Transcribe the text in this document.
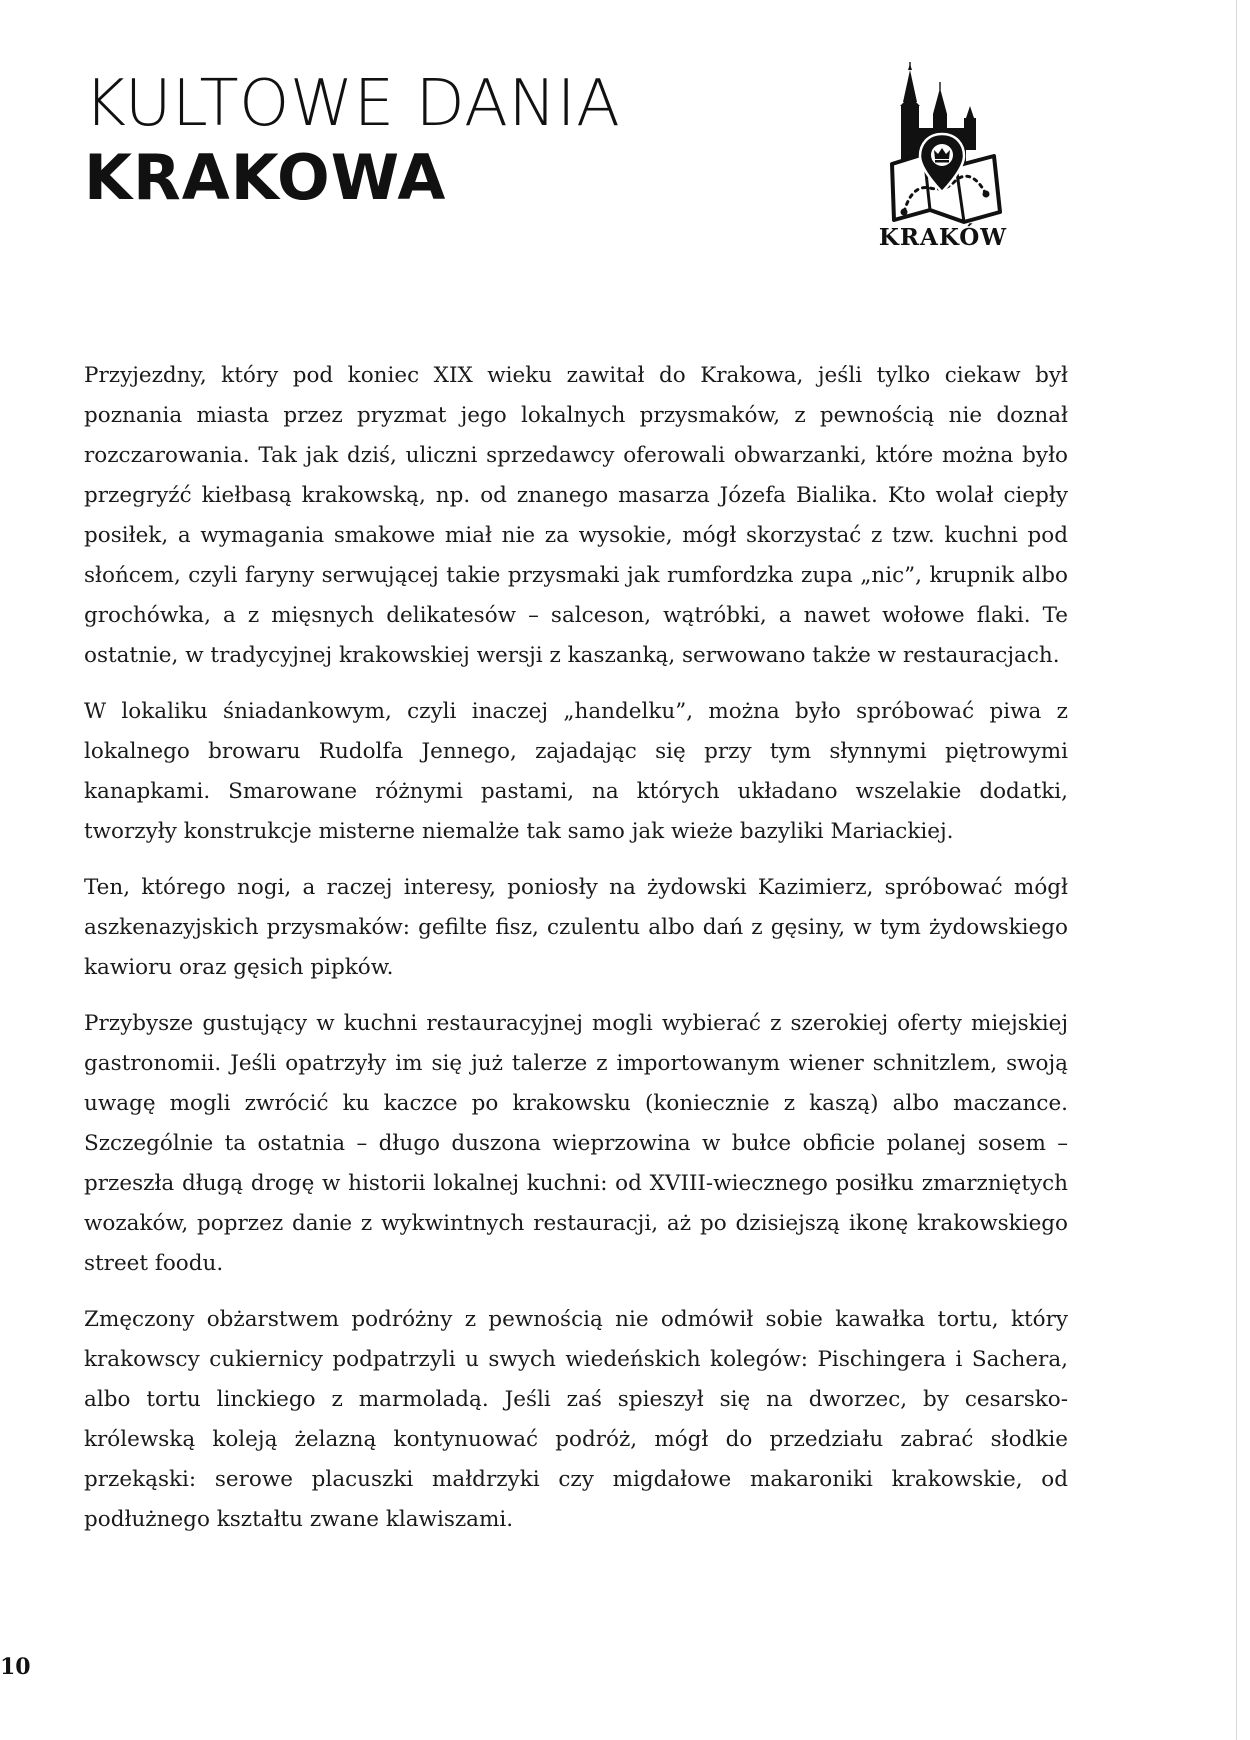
KULTOWE DANIA
KRAKOWA
KRAKÓW

Przyjezdny, który pod koniec XIX wieku zawitał do Krakowa, jeśli tylko ciekaw był poznania miasta przez pryzmat jego lokalnych przysmaków, z pewnością nie doznał rozczarowania. Tak jak dziś, uliczni sprzedawcy oferowali obwarzanki, które można było przegryźć kiełbasą krakowską, np. od znanego masarza Józefa Bialika. Kto wolał ciepły posiłek, a wymagania smakowe miał nie za wysokie, mógł skorzystać z tzw. kuchni pod słońcem, czyli faryny serwującej takie przysmaki jak rumfordzka zupa „nic”, krupnik albo grochówka, a z mięsnych delikatesów – salceson, wątróbki, a nawet wołowe flaki. Te ostatnie, w tradycyjnej krakowskiej wersji z kaszanką, serwowano także w restauracjach.

W lokaliku śniadankowym, czyli inaczej „handelku”, można było spróbować piwa z lokalnego browaru Rudolfa Jennego, zajadając się przy tym słynnymi piętrowymi kanapkami. Smarowane różnymi pastami, na których układano wszelakie dodatki, tworzyły konstrukcje misterne niemalże tak samo jak wieże bazyliki Mariackiej.

Ten, którego nogi, a raczej interesy, poniosły na żydowski Kazimierz, spróbować mógł aszkenazyjskich przysmaków: gefilte fisz, czulentu albo dań z gęsiny, w tym żydowskiego kawioru oraz gęsich pipków.

Przybysze gustujący w kuchni restauracyjnej mogli wybierać z szerokiej oferty miejskiej gastronomii. Jeśli opatrzyły im się już talerze z importowanym wiener schnitzlem, swoją uwagę mogli zwrócić ku kaczce po krakowsku (koniecznie z kaszą) albo maczance. Szczególnie ta ostatnia – długo duszona wieprzowina w bułce obficie polanej sosem – przeszła długą drogę w historii lokalnej kuchni: od XVIII-wiecznego posiłku zmarzniętych wozaków, poprzez danie z wykwintnych restauracji, aż po dzisiejszą ikonę krakowskiego street foodu.

Zmęczony obżarstwem podróżny z pewnością nie odmówił sobie kawałka tortu, który krakowscy cukiernicy podpatrzyli u swych wiedeńskich kolegów: Pischingera i Sachera, albo tortu linckiego z marmoladą. Jeśli zaś spieszył się na dworzec, by cesarsko-królewską koleją żelazną kontynuować podróż, mógł do przedziału zabrać słodkie przekąski: serowe placuszki małdrzyki czy migdałowe makaroniki krakowskie, od podłużnego kształtu zwane klawiszami.

10
